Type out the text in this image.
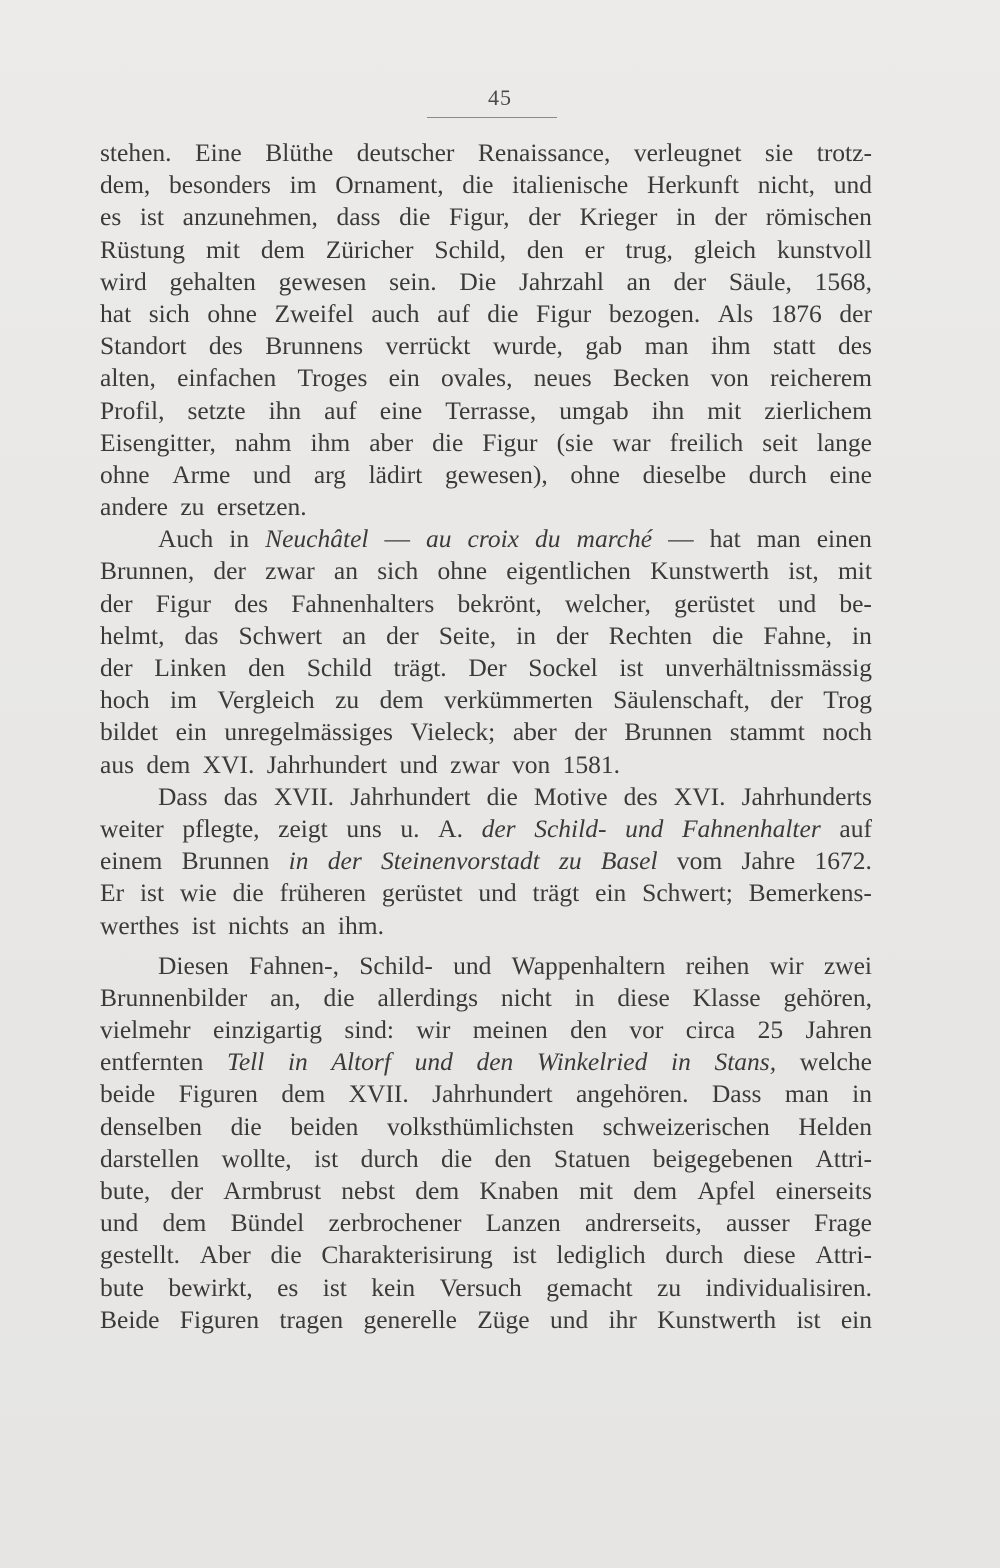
45
stehen. Eine Blüthe deutscher Renaissance, verleugnet sie trotz-
dem, besonders im Ornament, die italienische Herkunft nicht, und
es ist anzunehmen, dass die Figur, der Krieger in der römischen
Rüstung mit dem Züricher Schild, den er trug, gleich kunstvoll
wird gehalten gewesen sein. Die Jahrzahl an der Säule, 1568,
hat sich ohne Zweifel auch auf die Figur bezogen. Als 1876 der
Standort des Brunnens verrückt wurde, gab man ihm statt des
alten, einfachen Troges ein ovales, neues Becken von reicherem
Profil, setzte ihn auf eine Terrasse, umgab ihn mit zierlichem
Eisengitter, nahm ihm aber die Figur (sie war freilich seit lange
ohne Arme und arg lädirt gewesen), ohne dieselbe durch eine
andere
zu
ersetzen.
Auch in Neuchâtel — au croix du marché — hat man einen
Brunnen, der zwar an sich ohne eigentlichen Kunstwerth ist, mit
der Figur des Fahnenhalters bekrönt, welcher, gerüstet und be-
helmt, das Schwert an der Seite, in der Rechten die Fahne, in
der Linken den Schild trägt. Der Sockel ist unverhältnissmässig
hoch im Vergleich zu dem verkümmerten Säulenschaft, der Trog
bildet ein unregelmässiges Vieleck; aber der Brunnen stammt noch
aus
dem
XVI.
Jahrhundert
und
zwar
von
1581.
Dass das XVII. Jahrhundert die Motive des XVI. Jahrhunderts
weiter pflegte, zeigt uns u. A. der Schild- und Fahnenhalter auf
einem Brunnen in der Steinenvorstadt zu Basel vom Jahre 1672.
Er ist wie die früheren gerüstet und trägt ein Schwert; Bemerkens-
werthes
ist
nichts
an
ihm.
Diesen Fahnen-, Schild- und Wappenhaltern reihen wir zwei
Brunnenbilder an, die allerdings nicht in diese Klasse gehören,
vielmehr einzigartig sind: wir meinen den vor circa 25 Jahren
entfernten Tell in Altorf und den Winkelried in Stans, welche
beide Figuren dem XVII. Jahrhundert angehören. Dass man in
denselben die beiden volksthümlichsten schweizerischen Helden
darstellen wollte, ist durch die den Statuen beigegebenen Attri-
bute, der Armbrust nebst dem Knaben mit dem Apfel einerseits
und dem Bündel zerbrochener Lanzen andrerseits, ausser Frage
gestellt. Aber die Charakterisirung ist lediglich durch diese Attri-
bute bewirkt, es ist kein Versuch gemacht zu individualisiren.
Beide Figuren tragen generelle Züge und ihr Kunstwerth ist ein
